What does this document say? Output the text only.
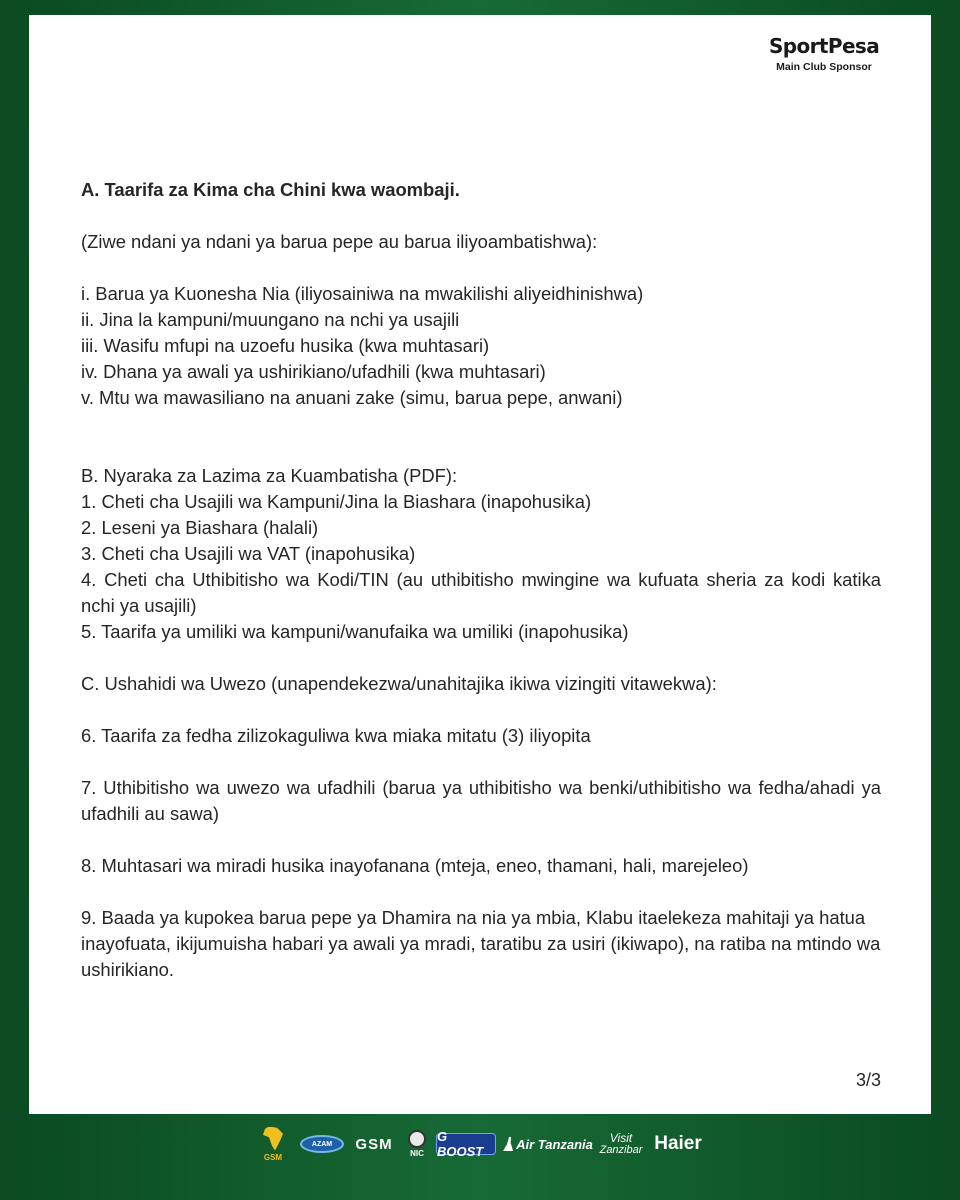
SportPesa
Main Club Sponsor
A. Taarifa za Kima cha Chini kwa waombaji.
(Ziwe ndani ya ndani ya barua pepe au barua iliyoambatishwa):
i. Barua ya Kuonesha Nia (iliyosainiwa na mwakilishi aliyeidhinishwa)
ii. Jina la kampuni/muungano na nchi ya usajili
iii. Wasifu mfupi na uzoefu husika (kwa muhtasari)
iv. Dhana ya awali ya ushirikiano/ufadhili (kwa muhtasari)
v. Mtu wa mawasiliano na anuani zake (simu, barua pepe, anwani)
B. Nyaraka za Lazima za Kuambatisha (PDF):
1. Cheti cha Usajili wa Kampuni/Jina la Biashara (inapohusika)
2. Leseni ya Biashara (halali)
3. Cheti cha Usajili wa VAT (inapohusika)

4. Cheti cha Uthibitisho wa Kodi/TIN (au uthibitisho mwingine wa kufuata sheria za kodi katika nchi ya usajili)

5. Taarifa ya umiliki wa kampuni/wanufaika wa umiliki (inapohusika)
C. Ushahidi wa Uwezo (unapendekezwa/unahitajika ikiwa vizingiti vitawekwa):
6. Taarifa za fedha zilizokaguliwa kwa miaka mitatu (3) iliyopita

7. Uthibitisho wa uwezo wa ufadhili (barua ya uthibitisho wa benki/uthibitisho wa fedha/ahadi ya ufadhili au sawa)

8. Muhtasari wa miradi husika inayofanana (mteja, eneo, thamani, hali, marejeleo)

9. Baada ya kupokea barua pepe ya Dhamira na nia ya mbia, Klabu itaelekeza mahitaji ya hatua inayofuata, ikijumuisha habari ya awali ya mradi, taratibu za usiri (ikiwapo), na ratiba na mtindo wa ushirikiano.

3/3
GSM
AZAM	GSM
NIC
G BOOST	Air Tanzania Visit
Zanzibar Haier
